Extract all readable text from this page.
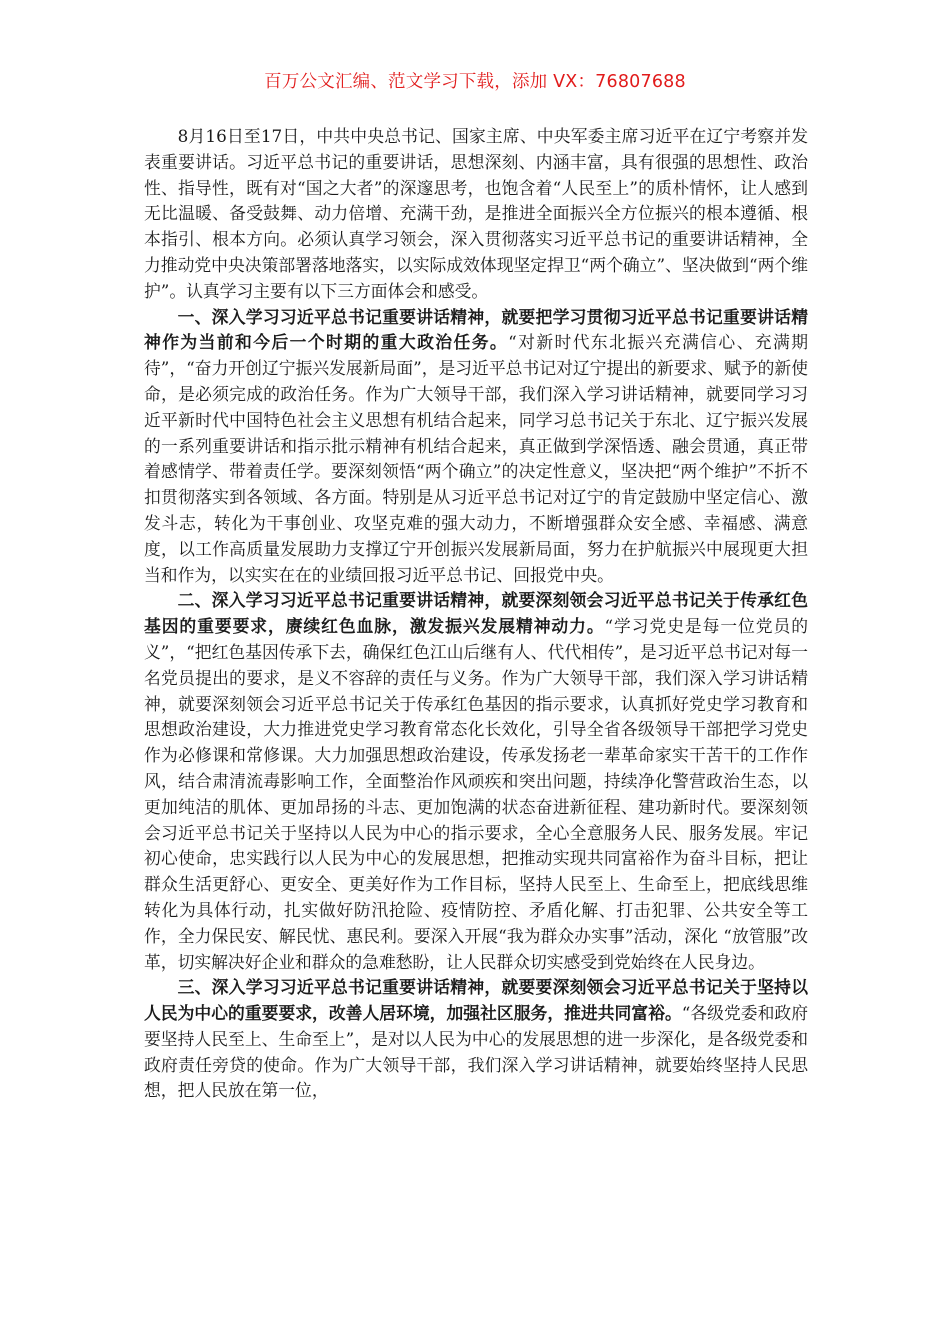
百万公文汇编、范文学习下载，添加 VX：76807688

8月16日至17日，中共中央总书记、国家主席、中央军委主席习近平在辽宁考察并发表重要讲话。习近平总书记的重要讲话，思想深刻、内涵丰富，具有很强的思想性、政治性、指导性，既有对“国之大者”的深邃思考，也饱含着“人民至上”的质朴情怀，让人感到无比温暖、备受鼓舞、动力倍增、充满干劲，是推进全面振兴全方位振兴的根本遵循、根本指引、根本方向。必须认真学习领会，深入贯彻落实习近平总书记的重要讲话精神，全力推动党中央决策部署落地落实，以实际成效体现坚定捍卫“两个确立”、坚决做到“两个维护”。认真学习主要有以下三方面体会和感受。

一、深入学习习近平总书记重要讲话精神，就要把学习贯彻习近平总书记重要讲话精神作为当前和今后一个时期的重大政治任务。“对新时代东北振兴充满信心、充满期待”，“奋力开创辽宁振兴发展新局面”，是习近平总书记对辽宁提出的新要求、赋予的新使命，是必须完成的政治任务。作为广大领导干部，我们深入学习讲话精神，就要同学习习近平新时代中国特色社会主义思想有机结合起来，同学习总书记关于东北、辽宁振兴发展的一系列重要讲话和指示批示精神有机结合起来，真正做到学深悟透、融会贯通，真正带着感情学、带着责任学。要深刻领悟“两个确立”的决定性意义，坚决把“两个维护”不折不扣贯彻落实到各领域、各方面。特别是从习近平总书记对辽宁的肯定鼓励中坚定信心、激发斗志，转化为干事创业、攻坚克难的强大动力，不断增强群众安全感、幸福感、满意度，以工作高质量发展助力支撑辽宁开创振兴发展新局面，努力在护航振兴中展现更大担当和作为，以实实在在的业绩回报习近平总书记、回报党中央。

二、深入学习习近平总书记重要讲话精神，就要深刻领会习近平总书记关于传承红色基因的重要要求，赓续红色血脉，激发振兴发展精神动力。“学习党史是每一位党员的义”，“把红色基因传承下去，确保红色江山后继有人、代代相传”，是习近平总书记对每一名党员提出的要求，是义不容辞的责任与义务。作为广大领导干部，我们深入学习讲话精神，就要深刻领会习近平总书记关于传承红色基因的指示要求，认真抓好党史学习教育和思想政治建设，大力推进党史学习教育常态化长效化，引导全省各级领导干部把学习党史作为必修课和常修课。大力加强思想政治建设，传承发扬老一辈革命家实干苦干的工作作风，结合肃清流毒影响工作，全面整治作风顽疾和突出问题，持续净化警营政治生态，以更加纯洁的肌体、更加昂扬的斗志、更加饱满的状态奋进新征程、建功新时代。要深刻领会习近平总书记关于坚持以人民为中心的指示要求，全心全意服务人民、服务发展。牢记初心使命，忠实践行以人民为中心的发展思想，把推动实现共同富裕作为奋斗目标，把让群众生活更舒心、更安全、更美好作为工作目标，坚持人民至上、生命至上，把底线思维转化为具体行动，扎实做好防汛抢险、疫情防控、矛盾化解、打击犯罪、公共安全等工作，全力保民安、解民忧、惠民利。要深入开展“我为群众办实事”活动，深化 “放管服”改革，切实解决好企业和群众的急难愁盼，让人民群众切实感受到党始终在人民身边。

三、深入学习习近平总书记重要讲话精神，就要要深刻领会习近平总书记关于坚持以人民为中心的重要要求，改善人居环境，加强社区服务，推进共同富裕。“各级党委和政府要坚持人民至上、生命至上”，是对以人民为中心的发展思想的进一步深化，是各级党委和政府责任旁贷的使命。作为广大领导干部，我们深入学习讲话精神，就要始终坚持人民思想，把人民放在第一位，
